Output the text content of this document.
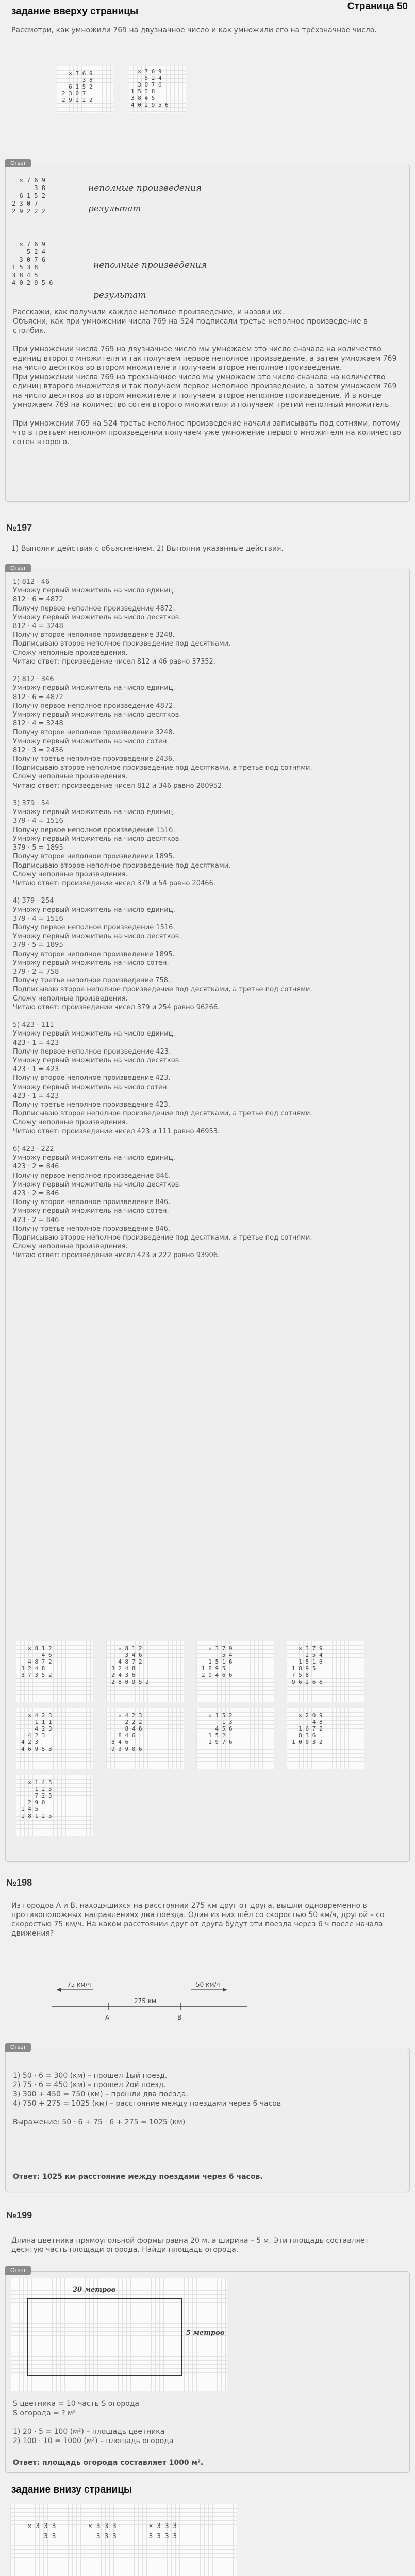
Страница 50
задание вверху страницы
Рассмотри, как умножили 769 на двузначное число и как умножили его на трёхзначное число.
× 7 6 9
3 8
6 1 5 2
2 3 0 7
2 9 2 2 2
× 7 6 9
5 2 4
3 0 7 6
1 5 3 8
3 8 4 5
4 0 2 9 5 6
Ответ
× 7 6 9
3 8
6 1 5 2
2 3 0 7
2 9 2 2 2
неполные произведения
результат
× 7 6 9
5 2 4
3 0 7 6
1 5 3 8
3 8 4 5
4 0 2 9 5 6
неполные произведения
результат
Расскажи, как получили каждое неполное произведение, и назови их.
Объясни, как при умножении числа 769 на 524 подписали третье неполное произведение в столбик.

При умножении числа 769 на двузначное число мы умножаем это число сначала на количество единиц второго множителя и так получаем первое неполное произведение, а затем умножаем 769 на число десятков во втором множителе и получаем второе неполное произведение.
При умножении числа 769 на трехзначное число мы умножаем это число сначала на количество единиц второго множителя и так получаем первое неполное произведение, а затем умножаем 769 на число десятков во втором множителе и получаем второе неполное произведение. И в конце умножаем 769 на количество сотен второго множителя и получаем третий неполный множитель.

При умножении 769 на 524 третье неполное произведение начали записывать под сотнями, потому что в третьем неполном произведении получаем уже умножение первого множителя на количество сотен второго.
№197
1) Выполни действия с объяснением. 2) Выполни указанные действия.
Ответ
1) 812 · 46
Умножу первый множитель на число единиц.
812 · 6 = 4872
Получу первое неполное произведение 4872.
Умножу первый множитель на число десятков.
812 · 4 = 3248
Получу второе неполное произведение 3248.
Подписываю второе неполное произведение под десятками.
Сложу неполные произведения.
Читаю ответ: произведение чисел 812 и 46 равно 37352.

2) 812 · 346
Умножу первый множитель на число единиц.
812 · 6 = 4872
Получу первое неполное произведение 4872.
Умножу первый множитель на число десятков.
812 · 4 = 3248
Получу второе неполное произведение 3248.
Умножу первый множитель на число сотен.
812 · 3 = 2436
Получу третье неполное произведение 2436.
Подписываю второе неполное произведение под десятками, а третье под сотнями.
Сложу неполные произведения.
Читаю ответ: произведение чисел 812 и 346 равно 280952.

3) 379 · 54
Умножу первый множитель на число единиц.
379 · 4 = 1516
Получу первое неполное произведение 1516.
Умножу первый множитель на число десятков.
379 · 5 = 1895
Получу второе неполное произведение 1895.
Подписываю второе неполное произведение под десятками.
Сложу неполные произведения.
Читаю ответ: произведение чисел 379 и 54 равно 20466.

4) 379 · 254
Умножу первый множитель на число единиц.
379 · 4 = 1516
Получу первое неполное произведение 1516.
Умножу первый множитель на число десятков.
379 · 5 = 1895
Получу второе неполное произведение 1895.
Умножу первый множитель на число сотен.
379 · 2 = 758
Получу третье неполное произведение 758.
Подписываю второе неполное произведение под десятками, а третье под сотнями.
Сложу неполные произведения.
Читаю ответ: произведение чисел 379 и 254 равно 96266.

5) 423 · 111
Умножу первый множитель на число единиц.
423 · 1 = 423
Получу первое неполное произведение 423.
Умножу первый множитель на число десятков.
423 · 1 = 423
Получу второе неполное произведение 423.
Умножу первый множитель на число сотен.
423 · 1 = 423
Получу третье неполное произведение 423.
Подписываю второе неполное произведение под десятками, а третье под сотнями.
Сложу неполные произведения.
Читаю ответ: произведение чисел 423 и 111 равно 46953.

6) 423 · 222
Умножу первый множитель на число единиц.
423 · 2 = 846
Получу первое неполное произведение 846.
Умножу первый множитель на число десятков.
423 · 2 = 846
Получу второе неполное произведение 846.
Умножу первый множитель на число сотен.
423 · 2 = 846
Получу третье неполное произведение 846.
Подписываю второе неполное произведение под десятками, а третье под сотнями.
Сложу неполные произведения.
Читаю ответ: произведение чисел 423 и 222 равно 93906.
× 8 1 2
4 6
4 8 7 2
3 2 4 8
3 7 3 5 2
× 8 1 2
3 4 6
4 8 7 2
3 2 4 8
2 4 3 6
2 8 0 9 5 2
× 3 7 9
5 4
1 5 1 6
1 8 9 5
2 0 4 6 6
× 3 7 9
2 5 4
1 5 1 6
1 8 9 5
7 5 8
9 6 2 6 6
× 4 2 3
1 1 1
4 2 3
4 2 3
4 2 3
4 6 9 5 3
× 4 2 3
2 2 2
8 4 6
8 4 6
8 4 6
9 3 9 0 6
× 1 5 2
1 3
4 5 6
1 5 2
1 9 7 6
× 2 0 9
4 8
1 6 7 2
8 3 6
1 0 0 3 2
× 1 4 5
1 2 5
7 2 5
2 9 0
1 4 5
1 8 1 2 5
№198
Из городов А и В, находящихся на расстоянии 275 км друг от друга, вышли одновременно в противоположных направлениях два поезда. Один из них шёл со скоростью 50 км/ч, другой – со скоростью 75 км/ч. На каком расстоянии друг от друга будут эти поезда через 6 ч после начала движения?
75 км/ч	50 км/ч
275 км
А	В
Ответ
1) 50 · 6 = 300 (км) – прошел 1ый поезд.
2) 75 · 6 = 450 (км) – прошел 2ой поезд.
3) 300 + 450 = 750 (км) – прошли два поезда.
4) 750 + 275 = 1025 (км) – расстояние между поездами через 6 часов

Выражение: 50 · 6 + 75 · 6 + 275 = 1025 (км)
Ответ: 1025 км расстояние между поездами через 6 часов.
№199
Длина цветника прямоугольной формы равна 20 м, а ширина – 5 м. Эти площадь составляет десятую часть площади огорода. Найди площадь огорода.
Ответ
20 метров
5 метров
S цветника = 10 часть S огорода
S огорода = ? м²

1) 20 · 5 = 100 (м²) – площадь цветника
2) 100 · 10 = 1000 (м²) – площадь огорода
Ответ: площадь огорода составляет 1000 м².
задание внизу страницы
× 3 3 3        × 3 3 3        × 3 3 3
3 3          3 3 3        3 3 3 3
